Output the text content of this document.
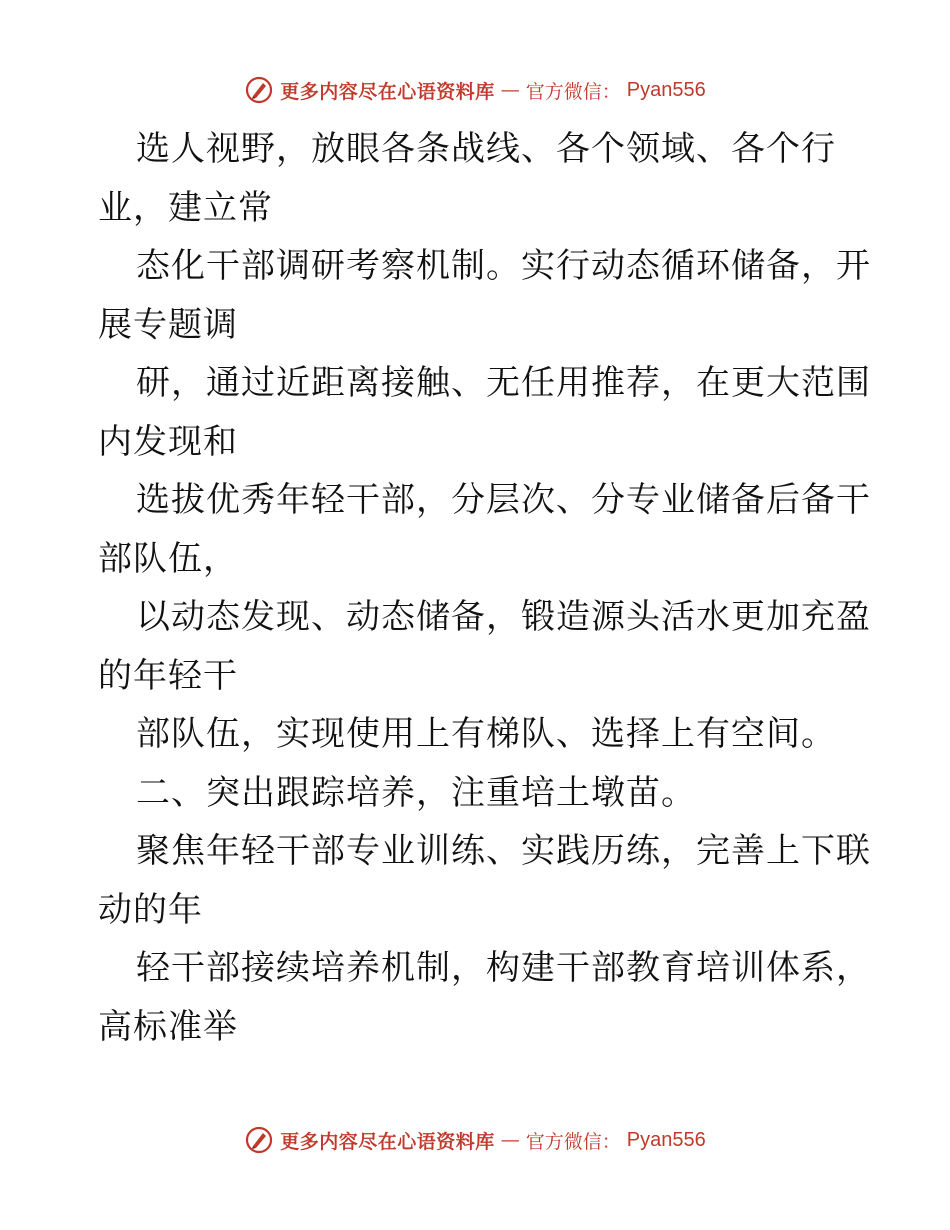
更多内容尽在心语资料库 — 官方微信： Pyan556
选人视野，放眼各条战线、各个领域、各个行
业，建立常
态化干部调研考察机制。实行动态循环储备，开
展专题调
研，通过近距离接触、无任用推荐，在更大范围
内发现和
选拔优秀年轻干部，分层次、分专业储备后备干
部队伍，
以动态发现、动态储备，锻造源头活水更加充盈
的年轻干
部队伍，实现使用上有梯队、选择上有空间。
二、突出跟踪培养，注重培土墩苗。
聚焦年轻干部专业训练、实践历练，完善上下联
动的年
轻干部接续培养机制，构建干部教育培训体系，
高标准举
更多内容尽在心语资料库 — 官方微信： Pyan556
